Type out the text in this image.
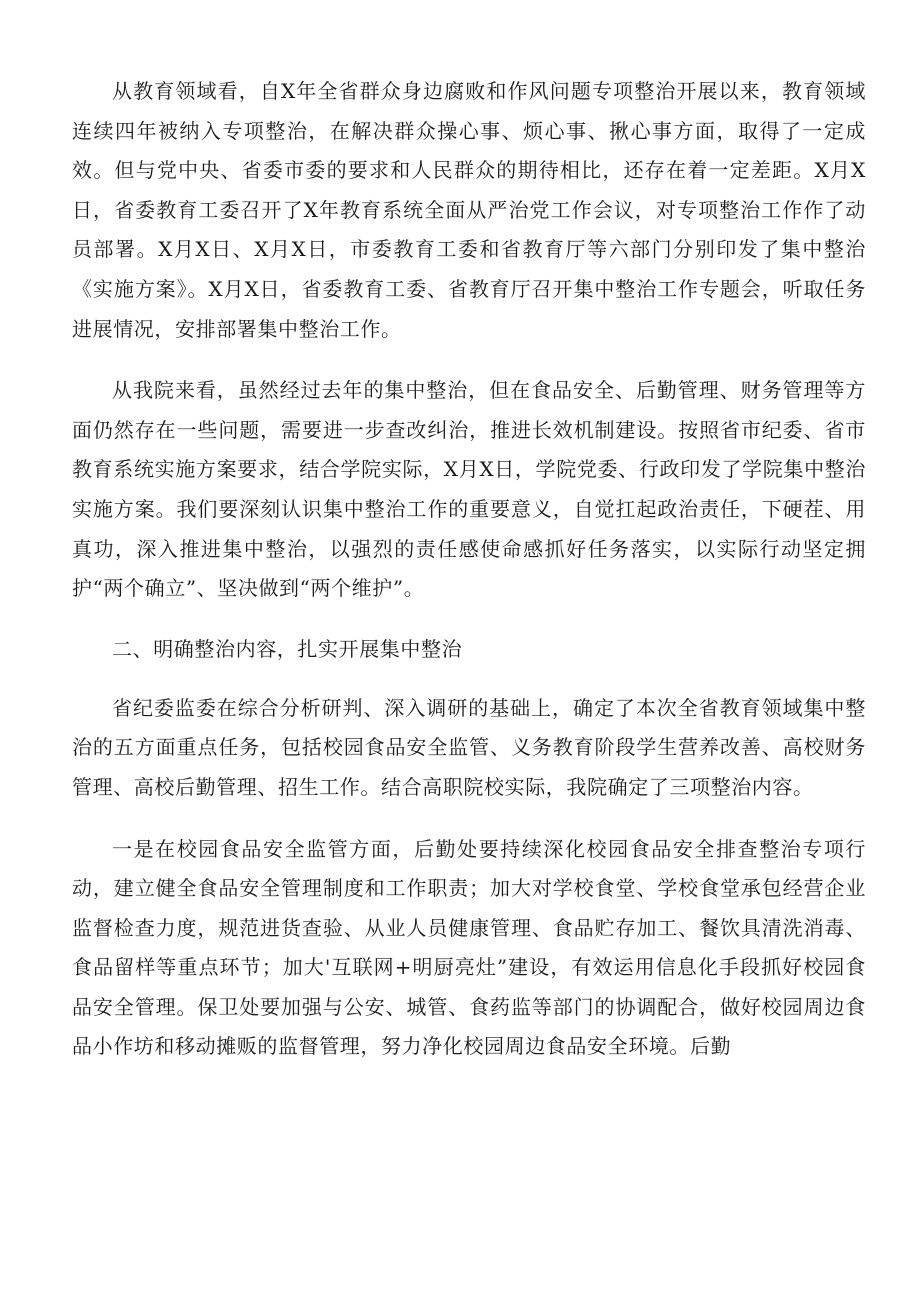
从教育领域看，自X年全省群众身边腐败和作风问题专项整治开展以来，教育领域连续四年被纳入专项整治，在解决群众操心事、烦心事、揪心事方面，取得了一定成效。但与党中央、省委市委的要求和人民群众的期待相比，还存在着一定差距。X月X日，省委教育工委召开了X年教育系统全面从严治党工作会议，对专项整治工作作了动员部署。X月X日、X月X日，市委教育工委和省教育厅等六部门分别印发了集中整治《实施方案》。X月X日，省委教育工委、省教育厅召开集中整治工作专题会，听取任务进展情况，安排部署集中整治工作。

从我院来看，虽然经过去年的集中整治，但在食品安全、后勤管理、财务管理等方面仍然存在一些问题，需要进一步查改纠治，推进长效机制建设。按照省市纪委、省市教育系统实施方案要求，结合学院实际，X月X日，学院党委、行政印发了学院集中整治实施方案。我们要深刻认识集中整治工作的重要意义，自觉扛起政治责任，下硬茬、用真功，深入推进集中整治，以强烈的责任感使命感抓好任务落实，以实际行动坚定拥护“两个确立”、坚决做到“两个维护”。

二、明确整治内容，扎实开展集中整治

省纪委监委在综合分析研判、深入调研的基础上，确定了本次全省教育领域集中整治的五方面重点任务，包括校园食品安全监管、义务教育阶段学生营养改善、高校财务管理、高校后勤管理、招生工作。结合高职院校实际，我院确定了三项整治内容。

一是在校园食品安全监管方面，后勤处要持续深化校园食品安全排查整治专项行动，建立健全食品安全管理制度和工作职责；加大对学校食堂、学校食堂承包经营企业监督检查力度，规范进货查验、从业人员健康管理、食品贮存加工、餐饮具清洗消毒、食品留样等重点环节；加大'互联网+明厨亮灶”建设，有效运用信息化手段抓好校园食品安全管理。保卫处要加强与公安、城管、食药监等部门的协调配合，做好校园周边食品小作坊和移动摊贩的监督管理，努力净化校园周边食品安全环境。后勤
